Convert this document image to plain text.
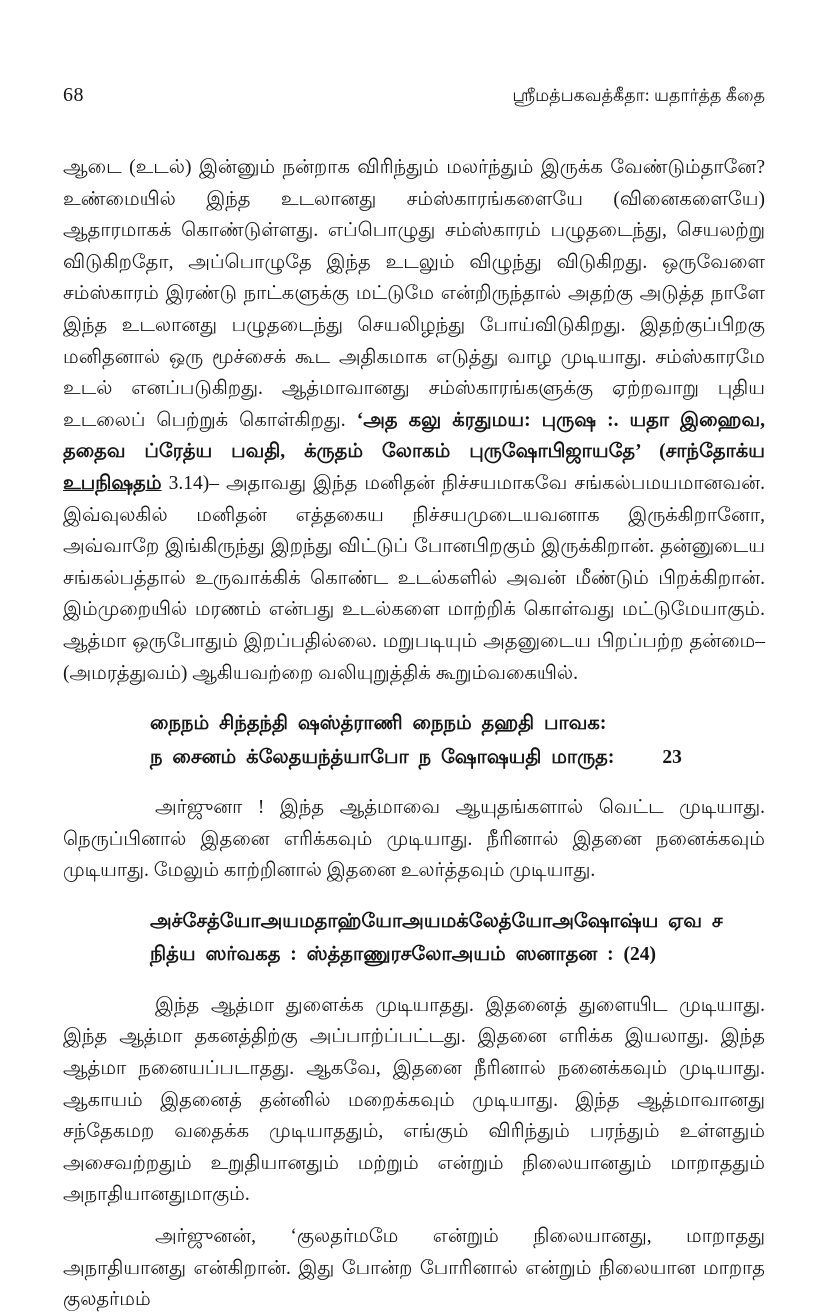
68	ஸ்ரீமத்பகவத்கீதா: யதார்த்த கீதை

ஆடை (உடல்) இன்னும் நன்றாக விரிந்தும் மலர்ந்தும் இருக்க வேண்டும்தானே? உண்மையில் இந்த உடலானது சம்ஸ்காரங்களையே (வினைகளையே) ஆதாரமாகக் கொண்டுள்ளது. எப்பொழுது சம்ஸ்காரம் பழுதடைந்து, செயலற்று விடுகிறதோ, அப்பொழுதே இந்த உடலும் விழுந்து விடுகிறது. ஒருவேளை சம்ஸ்காரம் இரண்டு நாட்களுக்கு மட்டுமே என்றிருந்தால் அதற்கு அடுத்த நாளே இந்த உடலானது பழுதடைந்து செயலிழந்து போய்விடுகிறது. இதற்குப்பிறகு மனிதனால் ஒரு மூச்சைக் கூட அதிகமாக எடுத்து வாழ முடியாது. சம்ஸ்காரமே உடல் எனப்படுகிறது. ஆத்மாவானது சம்ஸ்காரங்களுக்கு ஏற்றவாறு புதிய உடலைப் பெற்றுக் கொள்கிறது. ‘அத கலு க்ரதுமய: புருஷ :. யதா இஹைவ, ததைவ ப்ரேத்ய பவதி, க்ருதம் லோகம் புருஷோபிஜாயதே’ (சாந்தோக்ய உபநிஷதம் 3.14)– அதாவது இந்த மனிதன் நிச்சயமாகவே சங்கல்பமயமானவன். இவ்வுலகில் மனிதன் எத்தகைய நிச்சயமுடையவனாக இருக்கிறானோ, அவ்வாறே இங்கிருந்து இறந்து விட்டுப் போனபிறகும் இருக்கிறான். தன்னுடைய சங்கல்பத்தால் உருவாக்கிக் கொண்ட உடல்களில் அவன் மீண்டும் பிறக்கிறான். இம்முறையில் மரணம் என்பது உடல்களை மாற்றிக் கொள்வது மட்டுமேயாகும். ஆத்மா ஒருபோதும் இறப்பதில்லை. மறுபடியும் அதனுடைய பிறப்பற்ற தன்மை– (அமரத்துவம்) ஆகியவற்றை வலியுறுத்திக் கூறும்வகையில்.

நைநம் சிந்தந்தி ஷஸ்த்ராணி நைநம் தஹதி பாவக:
ந சைனம் க்லேதயந்த்யாபோ ந ஷோஷயதி மாருத: 23

அர்ஜுனா ! இந்த ஆத்மாவை ஆயுதங்களால் வெட்ட முடியாது. நெருப்பினால் இதனை எரிக்கவும் முடியாது. நீரினால் இதனை நனைக்கவும் முடியாது. மேலும் காற்றினால் இதனை உலர்த்தவும் முடியாது.

அச்சேத்யோஅயமதாஹ்யோஅயமக்லேத்யோஅஷோஷ்ய ஏவ ச
நித்ய ஸர்வகத : ஸ்த்தாணுரசலோஅயம் ஸனாதன : (24)

இந்த ஆத்மா துளைக்க முடியாதது. இதனைத் துளையிட முடியாது. இந்த ஆத்மா தகனத்திற்கு அப்பாற்ப்பட்டது. இதனை எரிக்க இயலாது. இந்த ஆத்மா நனையப்படாதது. ஆகவே, இதனை நீரினால் நனைக்கவும் முடியாது. ஆகாயம் இதனைத் தன்னில் மறைக்கவும் முடியாது. இந்த ஆத்மாவானது சந்தேகமற வதைக்க முடியாததும், எங்கும் விரிந்தும் பரந்தும் உள்ளதும் அசைவற்றதும் உறுதியானதும் மற்றும் என்றும் நிலையானதும் மாறாததும் அநாதியானதுமாகும்.

அர்ஜுனன், ‘குலதர்மமே என்றும் நிலையானது, மாறாதது அநாதியானது என்கிறான். இது போன்ற போரினால் என்றும் நிலையான மாறாத குலதர்மம்
